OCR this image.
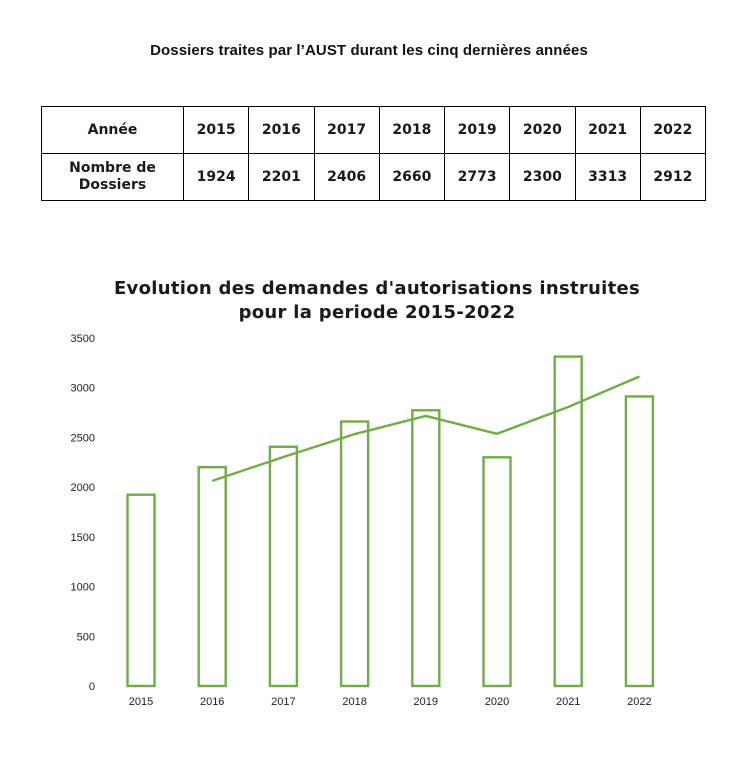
Dossiers traites par l’AUST durant les cinq dernières années
Année	2015	2016	2017	2018	2019	2020	2021	2022

Nombre de
Dossiers	1924	2201	2406	2660	2773	2300	3313	2912
Evolution des demandes d'autorisations instruites
pour la periode 2015-2022
0
500
1000
1500
2000
2500
3000
3500
2015	2016	2017	2018	2019	2020	2021	2022
